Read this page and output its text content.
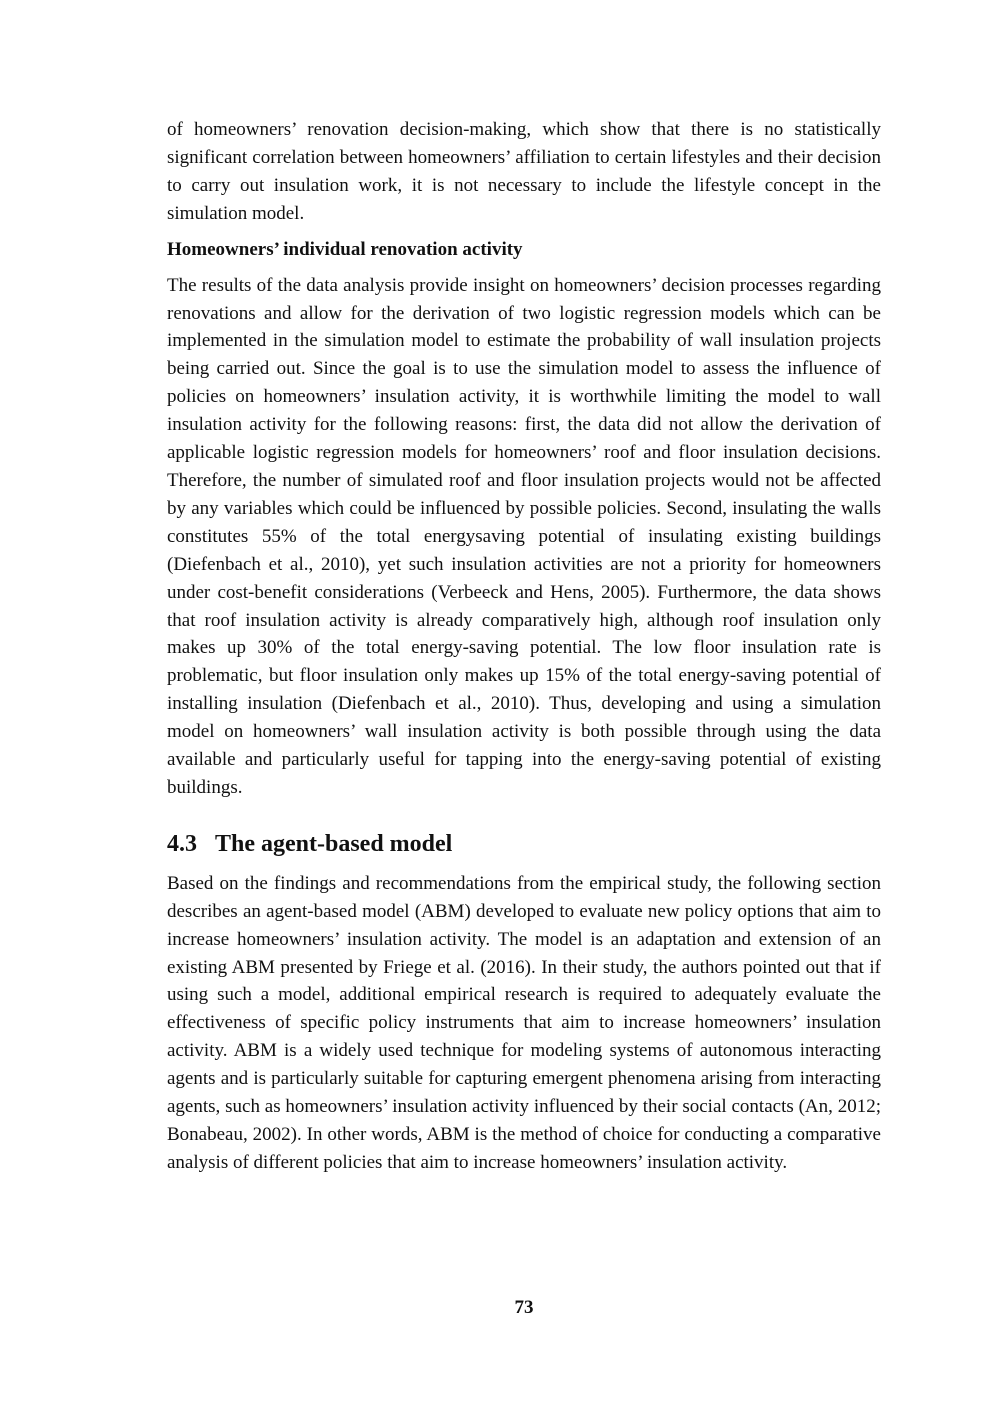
of homeowners’ renovation decision-making, which show that there is no statistically significant correlation between homeowners’ affiliation to certain lifestyles and their decision to carry out insulation work, it is not necessary to include the lifestyle concept in the simulation model.

Homeowners’ individual renovation activity

The results of the data analysis provide insight on homeowners’ decision processes regarding renovations and allow for the derivation of two logistic regression models which can be implemented in the simulation model to estimate the probability of wall insulation projects being carried out. Since the goal is to use the simulation model to assess the influence of policies on homeowners’ insulation activity, it is worthwhile limiting the model to wall insulation activity for the following reasons: first, the data did not allow the derivation of applicable logistic regression models for homeowners’ roof and floor insulation decisions. Therefore, the number of simulated roof and floor insulation projects would not be affected by any variables which could be influenced by possible policies. Second, insulating the walls constitutes 55% of the total energysaving potential of insulating existing buildings (Diefenbach et al., 2010), yet such insulation activities are not a priority for homeowners under cost-benefit considerations (Verbeeck and Hens, 2005). Furthermore, the data shows that roof insulation activity is already comparatively high, although roof insulation only makes up 30% of the total energy-saving potential. The low floor insulation rate is problematic, but floor insulation only makes up 15% of the total energy-saving potential of installing insulation (Diefenbach et al., 2010). Thus, developing and using a simulation model on homeowners’ wall insulation activity is both possible through using the data available and particularly useful for tapping into the energy-saving potential of existing buildings.

4.3 The agent-based model

Based on the findings and recommendations from the empirical study, the following section describes an agent-based model (ABM) developed to evaluate new policy options that aim to increase homeowners’ insulation activity. The model is an adaptation and extension of an existing ABM presented by Friege et al. (2016). In their study, the authors pointed out that if using such a model, additional empirical research is required to adequately evaluate the effectiveness of specific policy instruments that aim to increase homeowners’ insulation activity. ABM is a widely used technique for modeling systems of autonomous interacting agents and is particularly suitable for capturing emergent phenomena arising from interacting agents, such as homeowners’ insulation activity influenced by their social contacts (An, 2012; Bonabeau, 2002). In other words, ABM is the method of choice for conducting a comparative analysis of different policies that aim to increase homeowners’ insulation activity.

73
